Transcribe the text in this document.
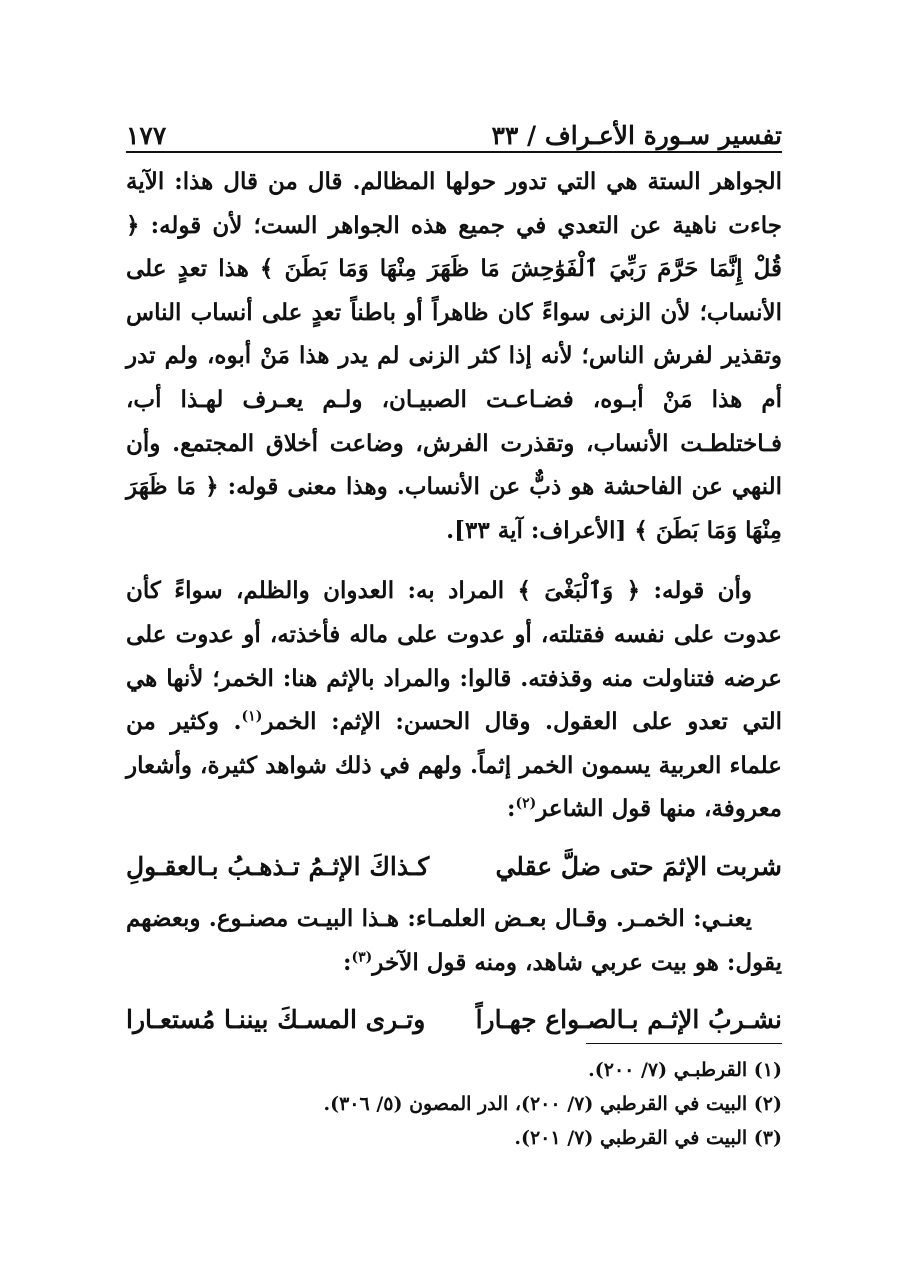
تفسير سـورة الأعـراف / ٣٣
١٧٧

الجواهر الستة هي التي تدور حولها المظالم. قال من قال هذا: الآية جاءت ناهية عن التعدي في جميع هذه الجواهر الست؛ لأن قوله: ﴿ قُلْ إِنَّمَا حَرَّمَ رَبِّيَ ٱلْفَوَٰحِشَ مَا ظَهَرَ مِنْهَا وَمَا بَطَنَ ﴾ هذا تعدٍ على الأنساب؛ لأن الزنى سواءً كان ظاهراً أو باطناً تعدٍ على أنساب الناس وتقذير لفرش الناس؛ لأنه إذا كثر الزنى لم يدر هذا مَنْ أبوه، ولم تدر أم هذا مَنْ أبـوه، فضـاعـت الصبيـان، ولـم يعـرف لهـذا أب، فـاختلطـت الأنساب، وتقذرت الفرش، وضاعت أخلاق المجتمع. وأن النهي عن الفاحشة هو ذبٌّ عن الأنساب. وهذا معنى قوله: ﴿ مَا ظَهَرَ مِنْهَا وَمَا بَطَنَ ﴾ [الأعراف: آية ٣٣].

وأن قوله: ﴿ وَٱلْبَغْىَ ﴾ المراد به: العدوان والظلم، سواءً كأن عدوت على نفسه فقتلته، أو عدوت على ماله فأخذته، أو عدوت على عرضه فتناولت منه وقذفته. قالوا: والمراد بالإثم هنا: الخمر؛ لأنها هي التي تعدو على العقول. وقال الحسن: الإثم: الخمر$^{(١)}$. وكثير من علماء العربية يسمون الخمر إثماً. ولهم في ذلك شواهد كثيرة، وأشعار معروفة، منها قول الشاعر$^{(٢)}$:

شربت الإثمَ حتى ضلَّ عقلي
كـذاكَ الإثـمُ تـذهـبُ بـالعقـولِ

يعنـي: الخمـر. وقـال بعـض العلمـاء: هـذا البيـت مصنـوع. وبعضهم يقول: هو بيت عربي شاهد، ومنه قول الآخر$^{(٣)}$:

نشـربُ الإثـم بـالصـواع جهـاراً
وتـرى المسـكَ بيننـا مُستعـارا

(١) القرطبـي (٧/ ٢٠٠).

(٢) البيت في القرطبي (٧/ ٢٠٠)، الدر المصون (٥/ ٣٠٦).

(٣) البيت في القرطبي (٧/ ٢٠١).
